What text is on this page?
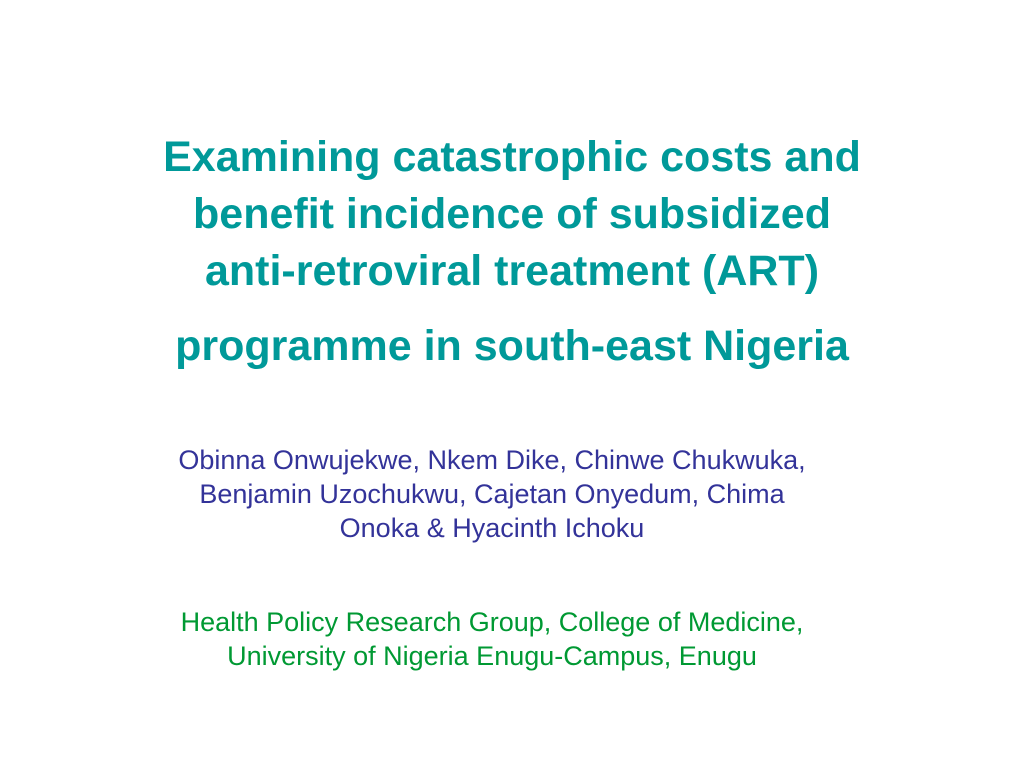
Examining catastrophic costs and
benefit incidence of subsidized
anti-retroviral treatment (ART)
programme in south-east Nigeria
Obinna Onwujekwe, Nkem Dike, Chinwe Chukwuka,
Benjamin Uzochukwu, Cajetan Onyedum, Chima
Onoka & Hyacinth Ichoku
Health Policy Research Group, College of Medicine,
University of Nigeria Enugu-Campus, Enugu
